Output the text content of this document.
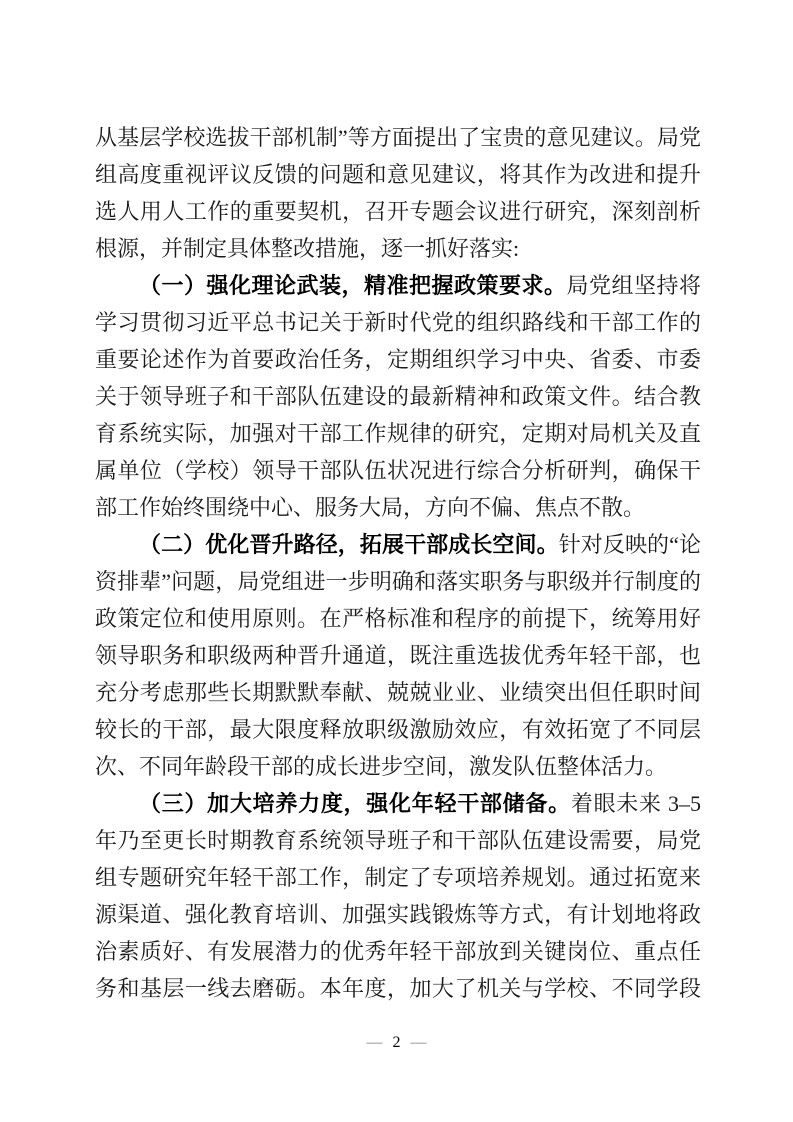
从基层学校选拔干部机制”等方面提出了宝贵的意见建议。局党组高度重视评议反馈的问题和意见建议，将其作为改进和提升选人用人工作的重要契机，召开专题会议进行研究，深刻剖析根源，并制定具体整改措施，逐一抓好落实:

（一）强化理论武装，精准把握政策要求。局党组坚持将学习贯彻习近平总书记关于新时代党的组织路线和干部工作的重要论述作为首要政治任务，定期组织学习中央、省委、市委关于领导班子和干部队伍建设的最新精神和政策文件。结合教育系统实际，加强对干部工作规律的研究，定期对局机关及直属单位（学校）领导干部队伍状况进行综合分析研判，确保干部工作始终围绕中心、服务大局，方向不偏、焦点不散。

（二）优化晋升路径，拓展干部成长空间。针对反映的“论资排辈”问题，局党组进一步明确和落实职务与职级并行制度的政策定位和使用原则。在严格标准和程序的前提下，统筹用好领导职务和职级两种晋升通道，既注重选拔优秀年轻干部，也充分考虑那些长期默默奉献、兢兢业业、业绩突出但任职时间较长的干部，最大限度释放职级激励效应，有效拓宽了不同层次、不同年龄段干部的成长进步空间，激发队伍整体活力。

（三）加大培养力度，强化年轻干部储备。着眼未来 3–5 年乃至更长时期教育系统领导班子和干部队伍建设需要，局党组专题研究年轻干部工作，制定了专项培养规划。通过拓宽来源渠道、强化教育培训、加强实践锻炼等方式，有计划地将政治素质好、有发展潜力的优秀年轻干部放到关键岗位、重点任务和基层一线去磨砺。本年度，加大了机关与学校、不同学段

— 2 —
